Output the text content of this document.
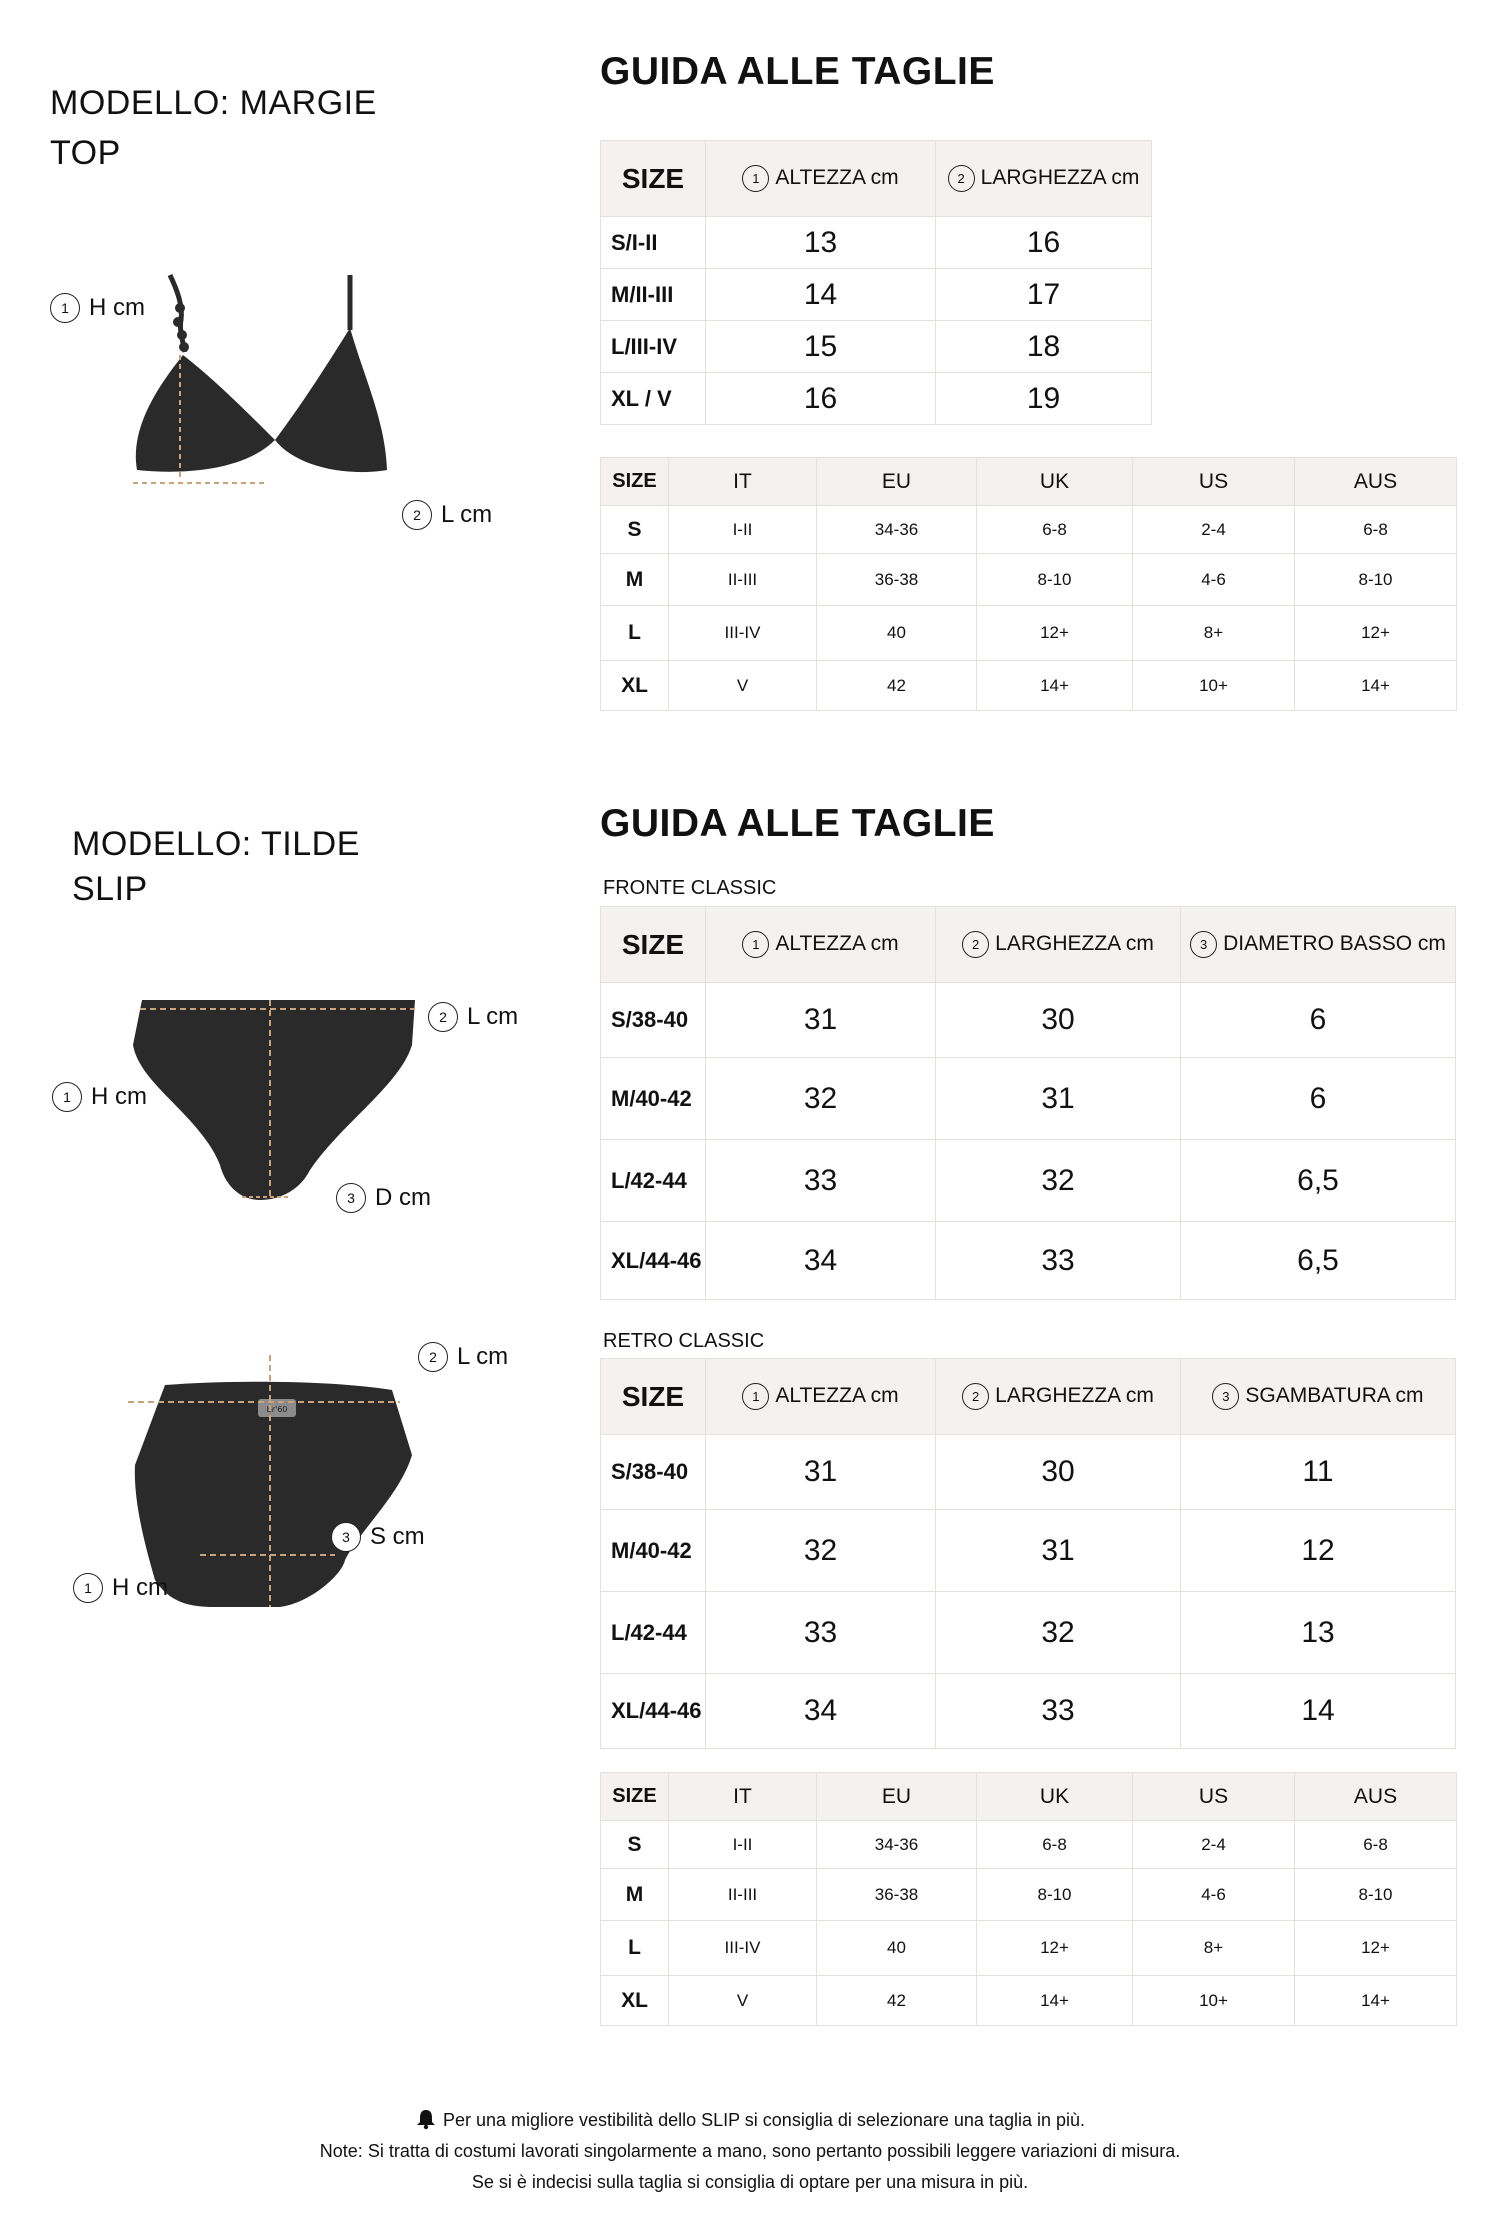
MODELLO: MARGIE
TOP
GUIDA ALLE TAGLIE
1 H cm
2 L cm
SIZE	1 ALTEZZA cm	2 LARGHEZZA cm
S/I-II	13	16
M/II-III	14	17
L/III-IV	15	18
XL / V	16	19
SIZE	IT	EU	UK	US	AUS
S	I-II	34-36	6-8	2-4	6-8
M	II-III	36-38	8-10	4-6	8-10
L	III-IV	40	12+	8+	12+
XL	V	42	14+	10+	14+
MODELLO: TILDE
SLIP
GUIDA ALLE TAGLIE
2 L cm
1 H cm
3 D cm
br'60
2 L cm
3 S cm
1 H cm
FRONTE CLASSIC
SIZE	1 ALTEZZA cm	2 LARGHEZZA cm	3 DIAMETRO BASSO cm
S/38-40	31	30	6
M/40-42	32	31	6
L/42-44	33	32	6,5
XL/44-46	34	33	6,5
RETRO CLASSIC
SIZE	1 ALTEZZA cm	2 LARGHEZZA cm	3 SGAMBATURA cm
S/38-40	31	30	11
M/40-42	32	31	12
L/42-44	33	32	13
XL/44-46	34	33	14
SIZE	IT	EU	UK	US	AUS
S	I-II	34-36	6-8	2-4	6-8
M	II-III	36-38	8-10	4-6	8-10
L	III-IV	40	12+	8+	12+
XL	V	42	14+	10+	14+
Per una migliore vestibilità dello SLIP si consiglia di selezionare una taglia in più.
Note: Si tratta di costumi lavorati singolarmente a mano, sono pertanto possibili leggere variazioni di misura.
Se si è indecisi sulla taglia si consiglia di optare per una misura in più.
